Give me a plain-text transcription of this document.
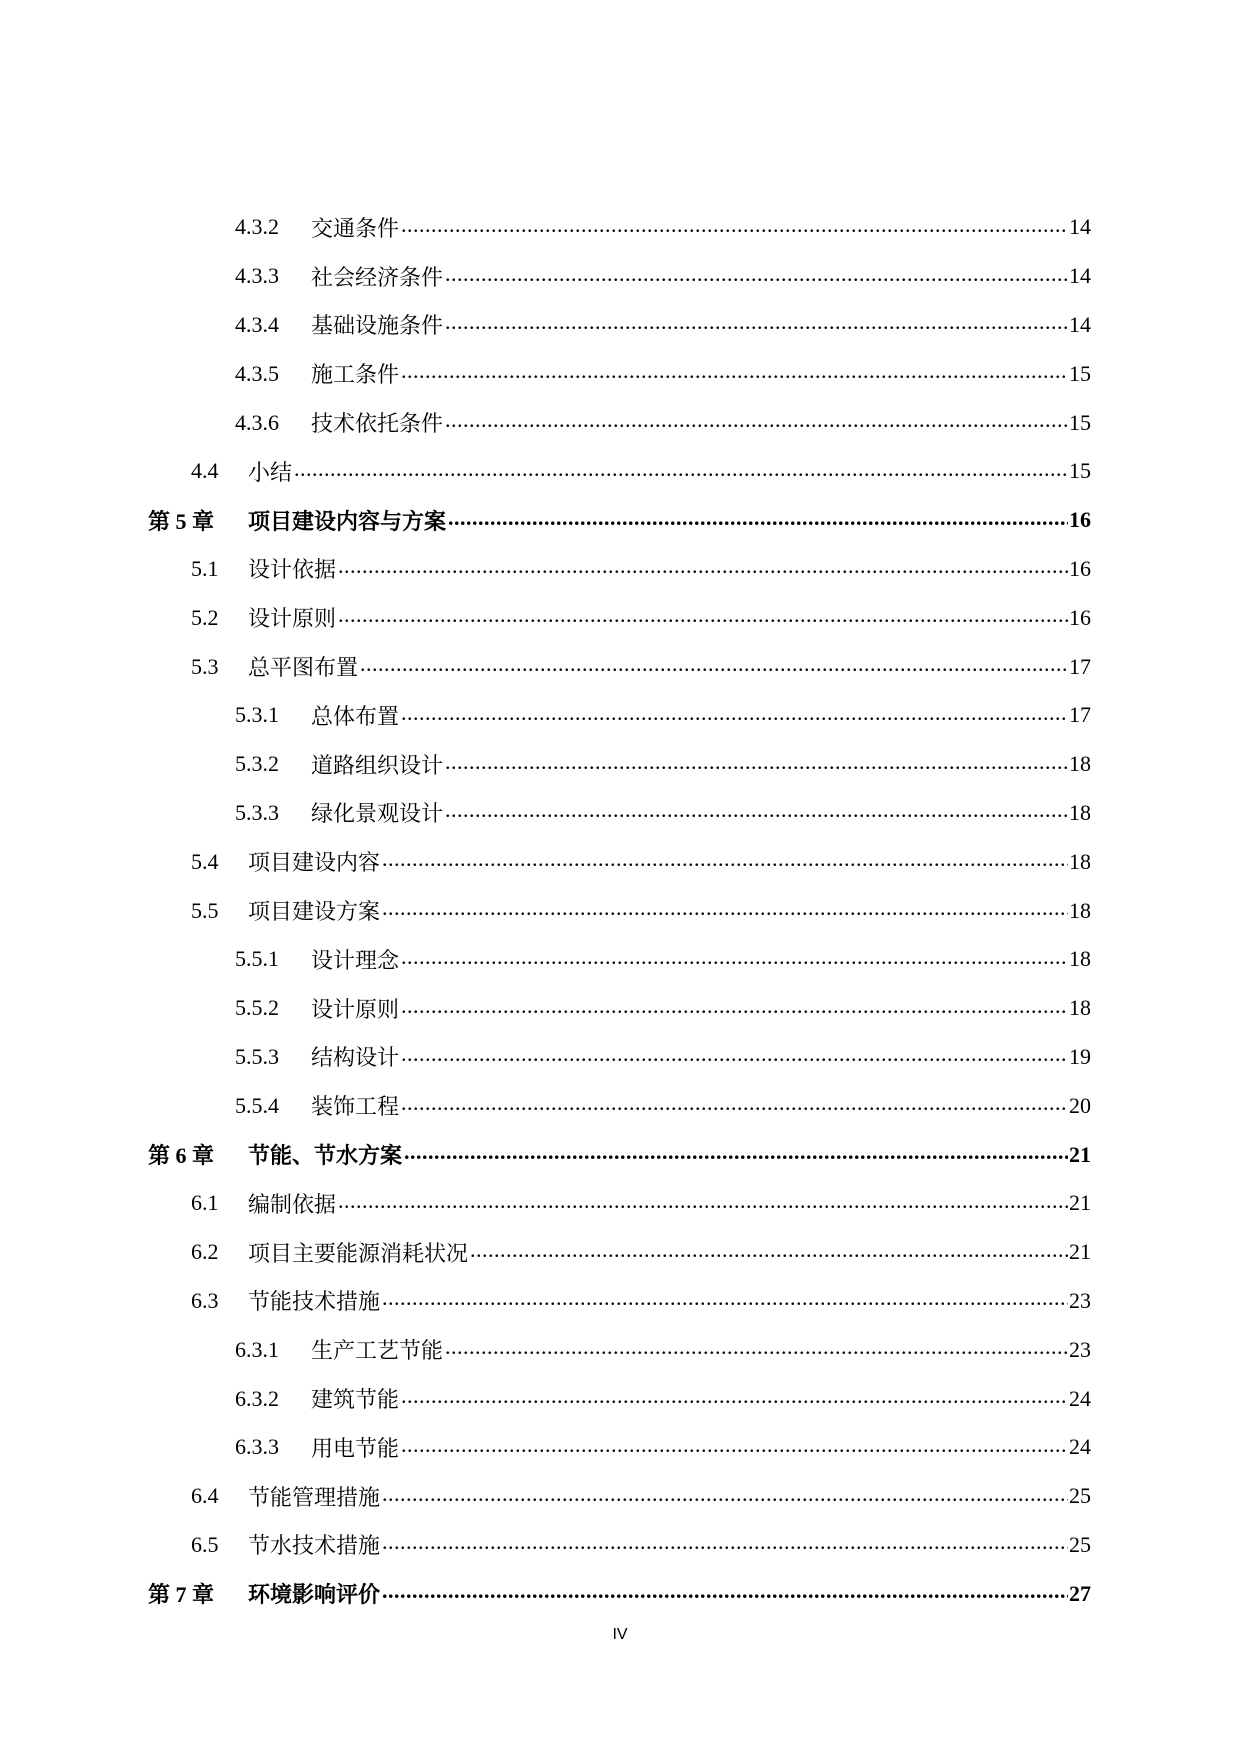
4.3.2 交通条件 .....	14
4.3.3 社会经济条件 .....	14
4.3.4 基础设施条件 .....	14
4.3.5 施工条件 .....	15
4.3.6 技术依托条件 .....	15
4.4 小结 .....	15
第 5 章 项目建设内容与方案 .....	16
5.1 设计依据 .....	16
5.2 设计原则 .....	16
5.3 总平图布置 .....	17
5.3.1 总体布置 .....	17
5.3.2 道路组织设计 .....	18
5.3.3 绿化景观设计 .....	18
5.4 项目建设内容 .....	18
5.5 项目建设方案 .....	18
5.5.1 设计理念 .....	18
5.5.2 设计原则 .....	18
5.5.3 结构设计 .....	19
5.5.4 装饰工程 .....	20
第 6 章 节能、节水方案 .....	21
6.1 编制依据 .....	21
6.2 项目主要能源消耗状况 .....	21
6.3 节能技术措施 .....	23
6.3.1 生产工艺节能 .....	23
6.3.2 建筑节能 .....	24
6.3.3 用电节能 .....	24
6.4 节能管理措施 .....	25
6.5 节水技术措施 .....	25
第 7 章 环境影响评价 .....	27
IV
